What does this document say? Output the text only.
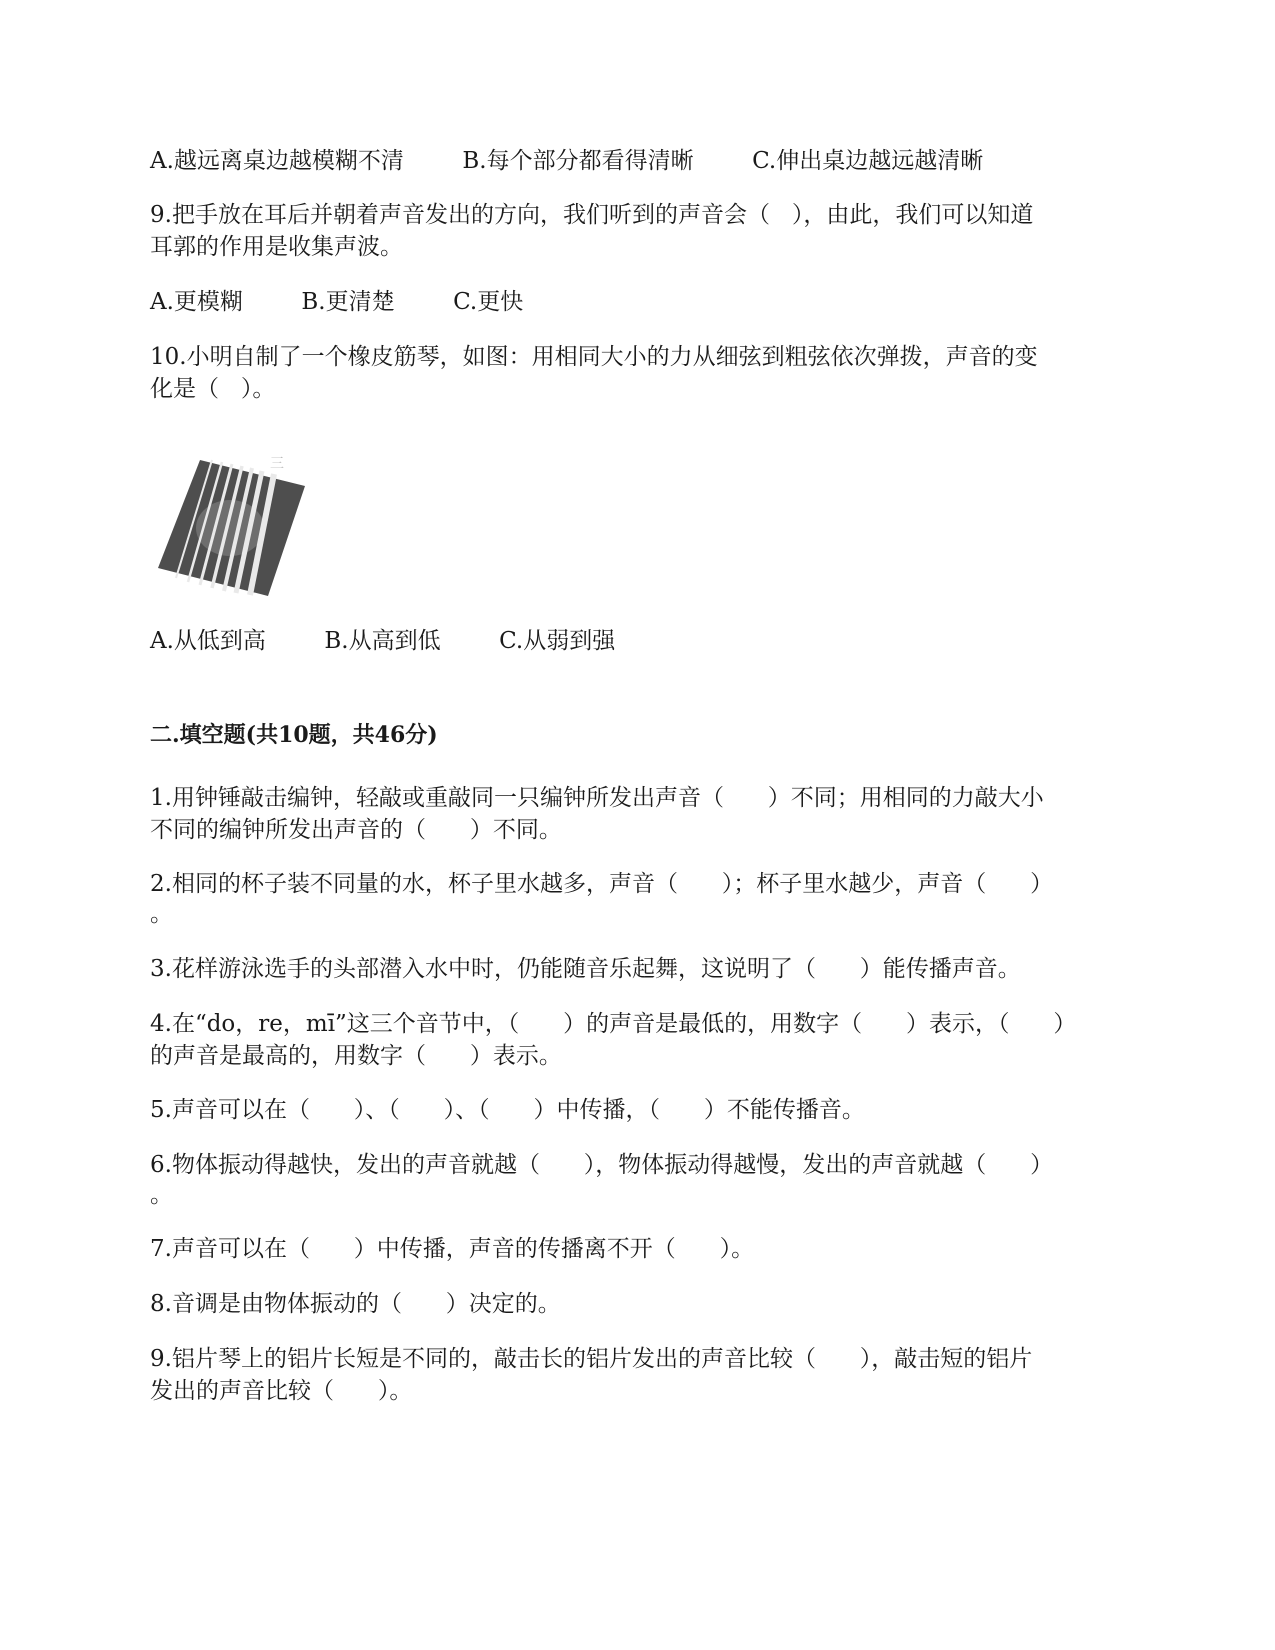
A.越远离桌边越模糊不清        B.每个部分都看得清晰        C.伸出桌边越远越清晰

9.把手放在耳后并朝着声音发出的方向，我们听到的声音会（   ），由此，我们可以知道

耳郭的作用是收集声波。

A.更模糊        B.更清楚        C.更快

10.小明自制了一个橡皮筋琴，如图：用相同大小的力从细弦到粗弦依次弹拨，声音的变

化是（   ）。

三

A.从低到高        B.从高到低        C.从弱到强

二.填空题(共10题，共46分)

1.用钟锤敲击编钟，轻敲或重敲同一只编钟所发出声音（      ）不同；用相同的力敲大小

不同的编钟所发出声音的（      ）不同。

2.相同的杯子装不同量的水，杯子里水越多，声音（      ）；杯子里水越少，声音（      ）

。

3.花样游泳选手的头部潜入水中时，仍能随音乐起舞，这说明了（      ）能传播声音。

4.在“do，re，mī”这三个音节中，（      ）的声音是最低的，用数字（      ）表示，（      ）

的声音是最高的，用数字（      ）表示。

5.声音可以在（      ）、（      ）、（      ）中传播，（      ）不能传播音。

6.物体振动得越快，发出的声音就越（      ），物体振动得越慢，发出的声音就越（      ）

。

7.声音可以在（      ）中传播，声音的传播离不开（      ）。

8.音调是由物体振动的（      ）决定的。

9.铝片琴上的铝片长短是不同的，敲击长的铝片发出的声音比较（      ），敲击短的铝片

发出的声音比较（      ）。
